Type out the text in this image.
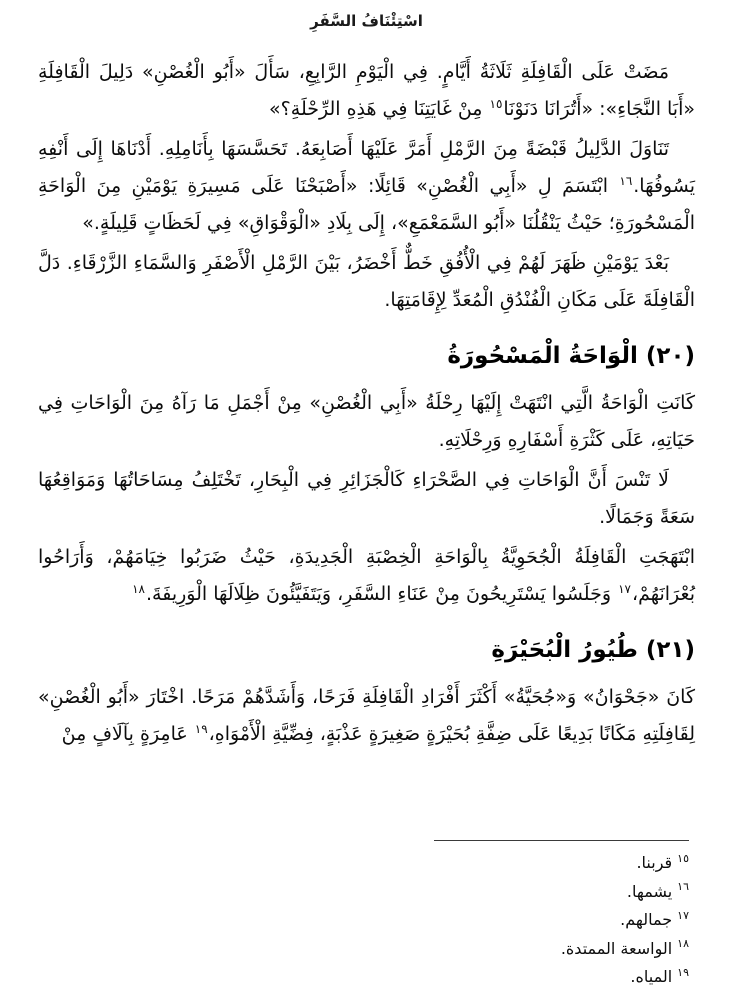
اسْتِئْنَافُ السَّفَرِ

مَضَتْ عَلَى الْقَافِلَةِ ثَلَاثَةُ أَيَّامٍ. فِي الْيَوْمِ الرَّابِعِ، سَأَلَ «أَبُو الْغُصْنِ» دَلِيلَ الْقَافِلَةِ «أَبَا النَّجَاءِ»: «أَتُرَانَا دَنَوْنَا$^{١٥}$ مِنْ غَايَتِنَا فِي هَذِهِ الرِّحْلَةِ؟»

تَنَاوَلَ الدَّلِيلُ قَبْضَةً مِنَ الرَّمْلِ أَمَرَّ عَلَيْهَا أَصَابِعَهُ. تَحَسَّسَهَا بِأَنَامِلِهِ. أَدْنَاهَا إِلَى أَنْفِهِ يَسُوفُهَا.$^{١٦}$ ابْتَسَمَ لِ «أَبِي الْغُصْنِ» قَائِلًا: «أَصْبَحْنَا عَلَى مَسِيرَةِ يَوْمَيْنِ مِنَ الْوَاحَةِ الْمَسْحُورَةِ؛ حَيْثُ يَنْقُلُنَا «أَبُو السَّمَعْمَعِ»، إِلَى بِلَادِ «الْوَقْوَاقِ» فِي لَحَظَاتٍ قَلِيلَةٍ.»

بَعْدَ يَوْمَيْنِ ظَهَرَ لَهُمْ فِي الْأُفُقِ خَطٌّ أَخْضَرُ، بَيْنَ الرَّمْلِ الْأَصْفَرِ وَالسَّمَاءِ الزَّرْقَاءِ. دَلَّ الْقَافِلَةَ عَلَى مَكَانِ الْفُنْدُقِ الْمُعَدِّ لِإِقَامَتِهَا.

(٢٠) الْوَاحَةُ الْمَسْحُورَةُ

كَانَتِ الْوَاحَةُ الَّتِي انْتَهَتْ إِلَيْهَا رِحْلَةُ «أَبِي الْغُصْنِ» مِنْ أَجْمَلِ مَا رَآهُ مِنَ الْوَاحَاتِ فِي حَيَاتِهِ، عَلَى كَثْرَةِ أَسْفَارِهِ وَرِحْلَاتِهِ.

لَا تَنْسَ أَنَّ الْوَاحَاتِ فِي الصَّحْرَاءِ كَالْجَزَائِرِ فِي الْبِحَارِ، تَخْتَلِفُ مِسَاحَاتُهَا وَمَوَاقِعُهَا سَعَةً وَجَمَالًا.

ابْتَهَجَتِ الْقَافِلَةُ الْجُحَوِيَّةُ بِالْوَاحَةِ الْخِصْبَةِ الْجَدِيدَةِ، حَيْثُ ضَرَبُوا خِيَامَهُمْ، وَأَرَاحُوا بُعْرَانَهُمْ،$^{١٧}$ وَجَلَسُوا يَسْتَرِيحُونَ مِنْ عَنَاءِ السَّفَرِ، وَيَتَفَيَّئُونَ ظِلَالَهَا الْوَرِيفَةَ.$^{١٨}$

(٢١) طُيُورُ الْبُحَيْرَةِ

كَانَ «جَحْوَانُ» وَ«جُحَيَّةُ» أَكْثَرَ أَفْرَادِ الْقَافِلَةِ فَرَحًا، وَأَشَدَّهُمْ مَرَحًا. اخْتَارَ «أَبُو الْغُصْنِ» لِقَافِلَتِهِ مَكَانًا بَدِيعًا عَلَى ضِفَّةِ بُحَيْرَةٍ صَغِيرَةٍ عَذْبَةٍ، فِضِّيَّةِ الْأَمْوَاهِ،$^{١٩}$ عَامِرَةٍ بِآلَافٍ مِنْ

$^{١٥}$قربنا.
$^{١٦}$يشمها.
$^{١٧}$جمالهم.
$^{١٨}$الواسعة الممتدة.
$^{١٩}$المياه.
